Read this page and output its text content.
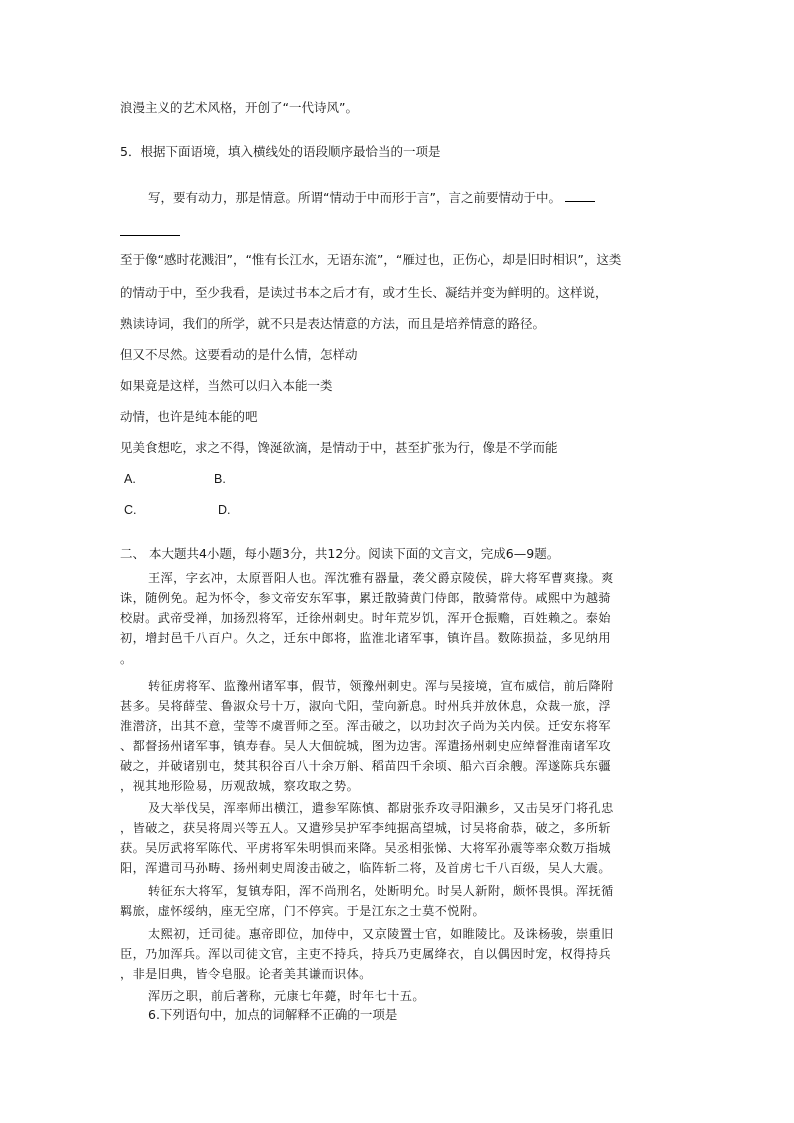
浪漫主义的艺术风格，开创了“一代诗风”。
5．根据下面语境，填入横线处的语段顺序最恰当的一项是
写，要有动力，那是情意。所谓“情动于中而形于言”，言之前要情动于中。
至于像“感时花溅泪”，“惟有长江水，无语东流”，“雁过也，正伤心，却是旧时相识”，这类
的情动于中，至少我看，是读过书本之后才有，或才生长、凝结并变为鲜明的。这样说，
熟读诗词，我们的所学，就不只是表达情意的方法，而且是培养情意的路径。
但又不尽然。这要看动的是什么情，怎样动
如果竟是这样，当然可以归入本能一类
动情，也许是纯本能的吧
见美食想吃，求之不得，馋涎欲滴，是情动于中，甚至扩张为行，像是不学而能
A.	B.
C.	D.
二、 本大题共4小题，每小题3分，共12分。阅读下面的文言文，完成6—9题。
王浑，字玄冲，太原晋阳人也。浑沈雅有器量，袭父爵京陵侯，辟大将军曹爽掾。爽
诛，随例免。起为怀令，参文帝安东军事，累迁散骑黄门侍郎，散骑常侍。咸熙中为越骑
校尉。武帝受禅，加扬烈将军，迁徐州刺史。时年荒岁饥，浑开仓振赡，百姓赖之。泰始
初，增封邑千八百户。久之，迁东中郎将，监淮北诸军事，镇许昌。数陈损益，多见纳用
。
转征虏将军、监豫州诸军事，假节，领豫州刺史。浑与吴接境，宣布威信，前后降附
甚多。吴将薛莹、鲁淑众号十万，淑向弋阳，莹向新息。时州兵并放休息，众裁一旅，浮
淮潜济，出其不意，莹等不虞晋师之至。浑击破之，以功封次子尚为关内侯。迁安东将军
、都督扬州诸军事，镇寿春。吴人大佃皖城，图为边害。浑遣扬州刺史应绰督淮南诸军攻
破之，并破诸别屯，焚其积谷百八十余万斛、稻苗四千余顷、船六百余艘。浑遂陈兵东疆
，视其地形险易，历观敌城，察攻取之势。
及大举伐吴，浑率师出横江，遣参军陈慎、都尉张乔攻寻阳濑乡，又击吴牙门将孔忠
，皆破之，获吴将周兴等五人。又遣殄吴护军李纯据高望城，讨吴将俞恭，破之，多所斩
获。吴厉武将军陈代、平虏将军朱明惧而来降。吴丞相张悌、大将军孙震等率众数万指城
阳，浑遣司马孙畴、扬州刺史周浚击破之，临阵斩二将，及首虏七千八百级，吴人大震。
转征东大将军，复镇寿阳，浑不尚刑名，处断明允。时吴人新附，颇怀畏惧。浑抚循
羁旅，虚怀绥纳，座无空席，门不停宾。于是江东之士莫不悦附。
太熙初，迁司徒。惠帝即位，加侍中，又京陵置士官，如睢陵比。及诛杨骏，崇重旧
臣，乃加浑兵。浑以司徒文官，主吏不持兵，持兵乃吏属绛衣，自以偶因时宠，权得持兵
，非是旧典，皆令皂服。论者美其谦而识体。
浑历之职，前后著称，元康七年薨，时年七十五。
6.下列语句中，加点的词解释不正确的一项是
